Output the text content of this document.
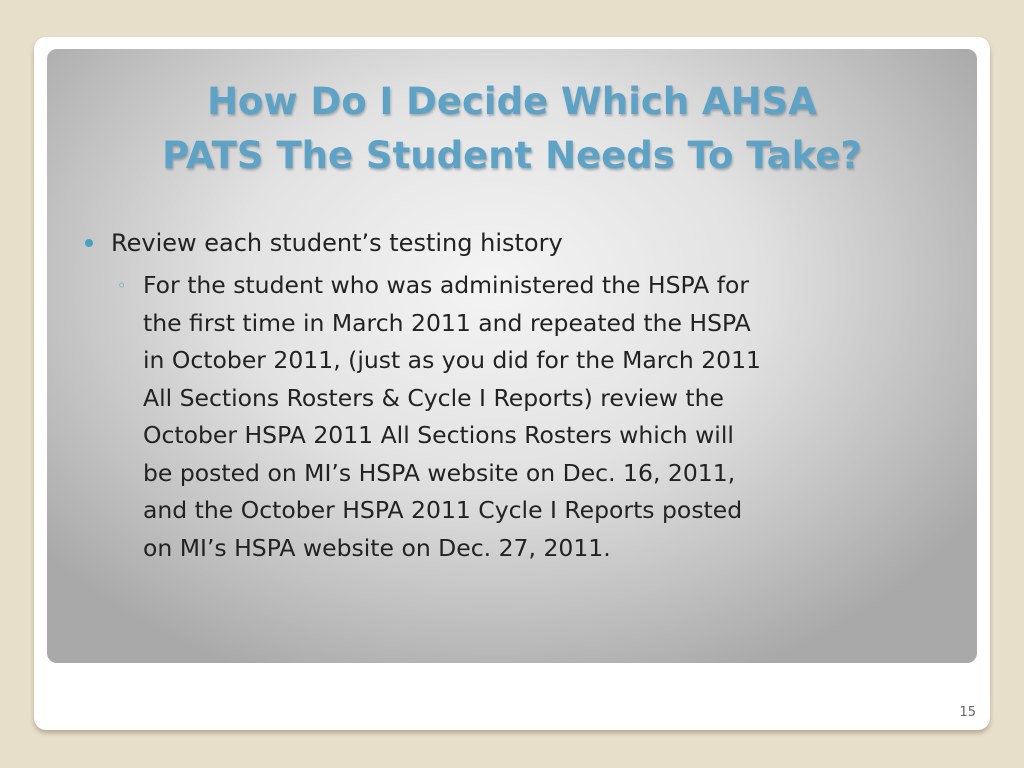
How Do I Decide Which AHSA
PATS The Student Needs To Take?
Review each student’s testing history
◦ For the student who was administered the HSPA for
the first time in March 2011 and repeated the HSPA
in October 2011, (just as you did for the March 2011
All Sections Rosters & Cycle I Reports) review the
October HSPA 2011 All Sections Rosters which will
be posted on MI’s HSPA website on Dec. 16, 2011,
and the October HSPA 2011 Cycle I Reports posted
on MI’s HSPA website on Dec. 27, 2011.
15
